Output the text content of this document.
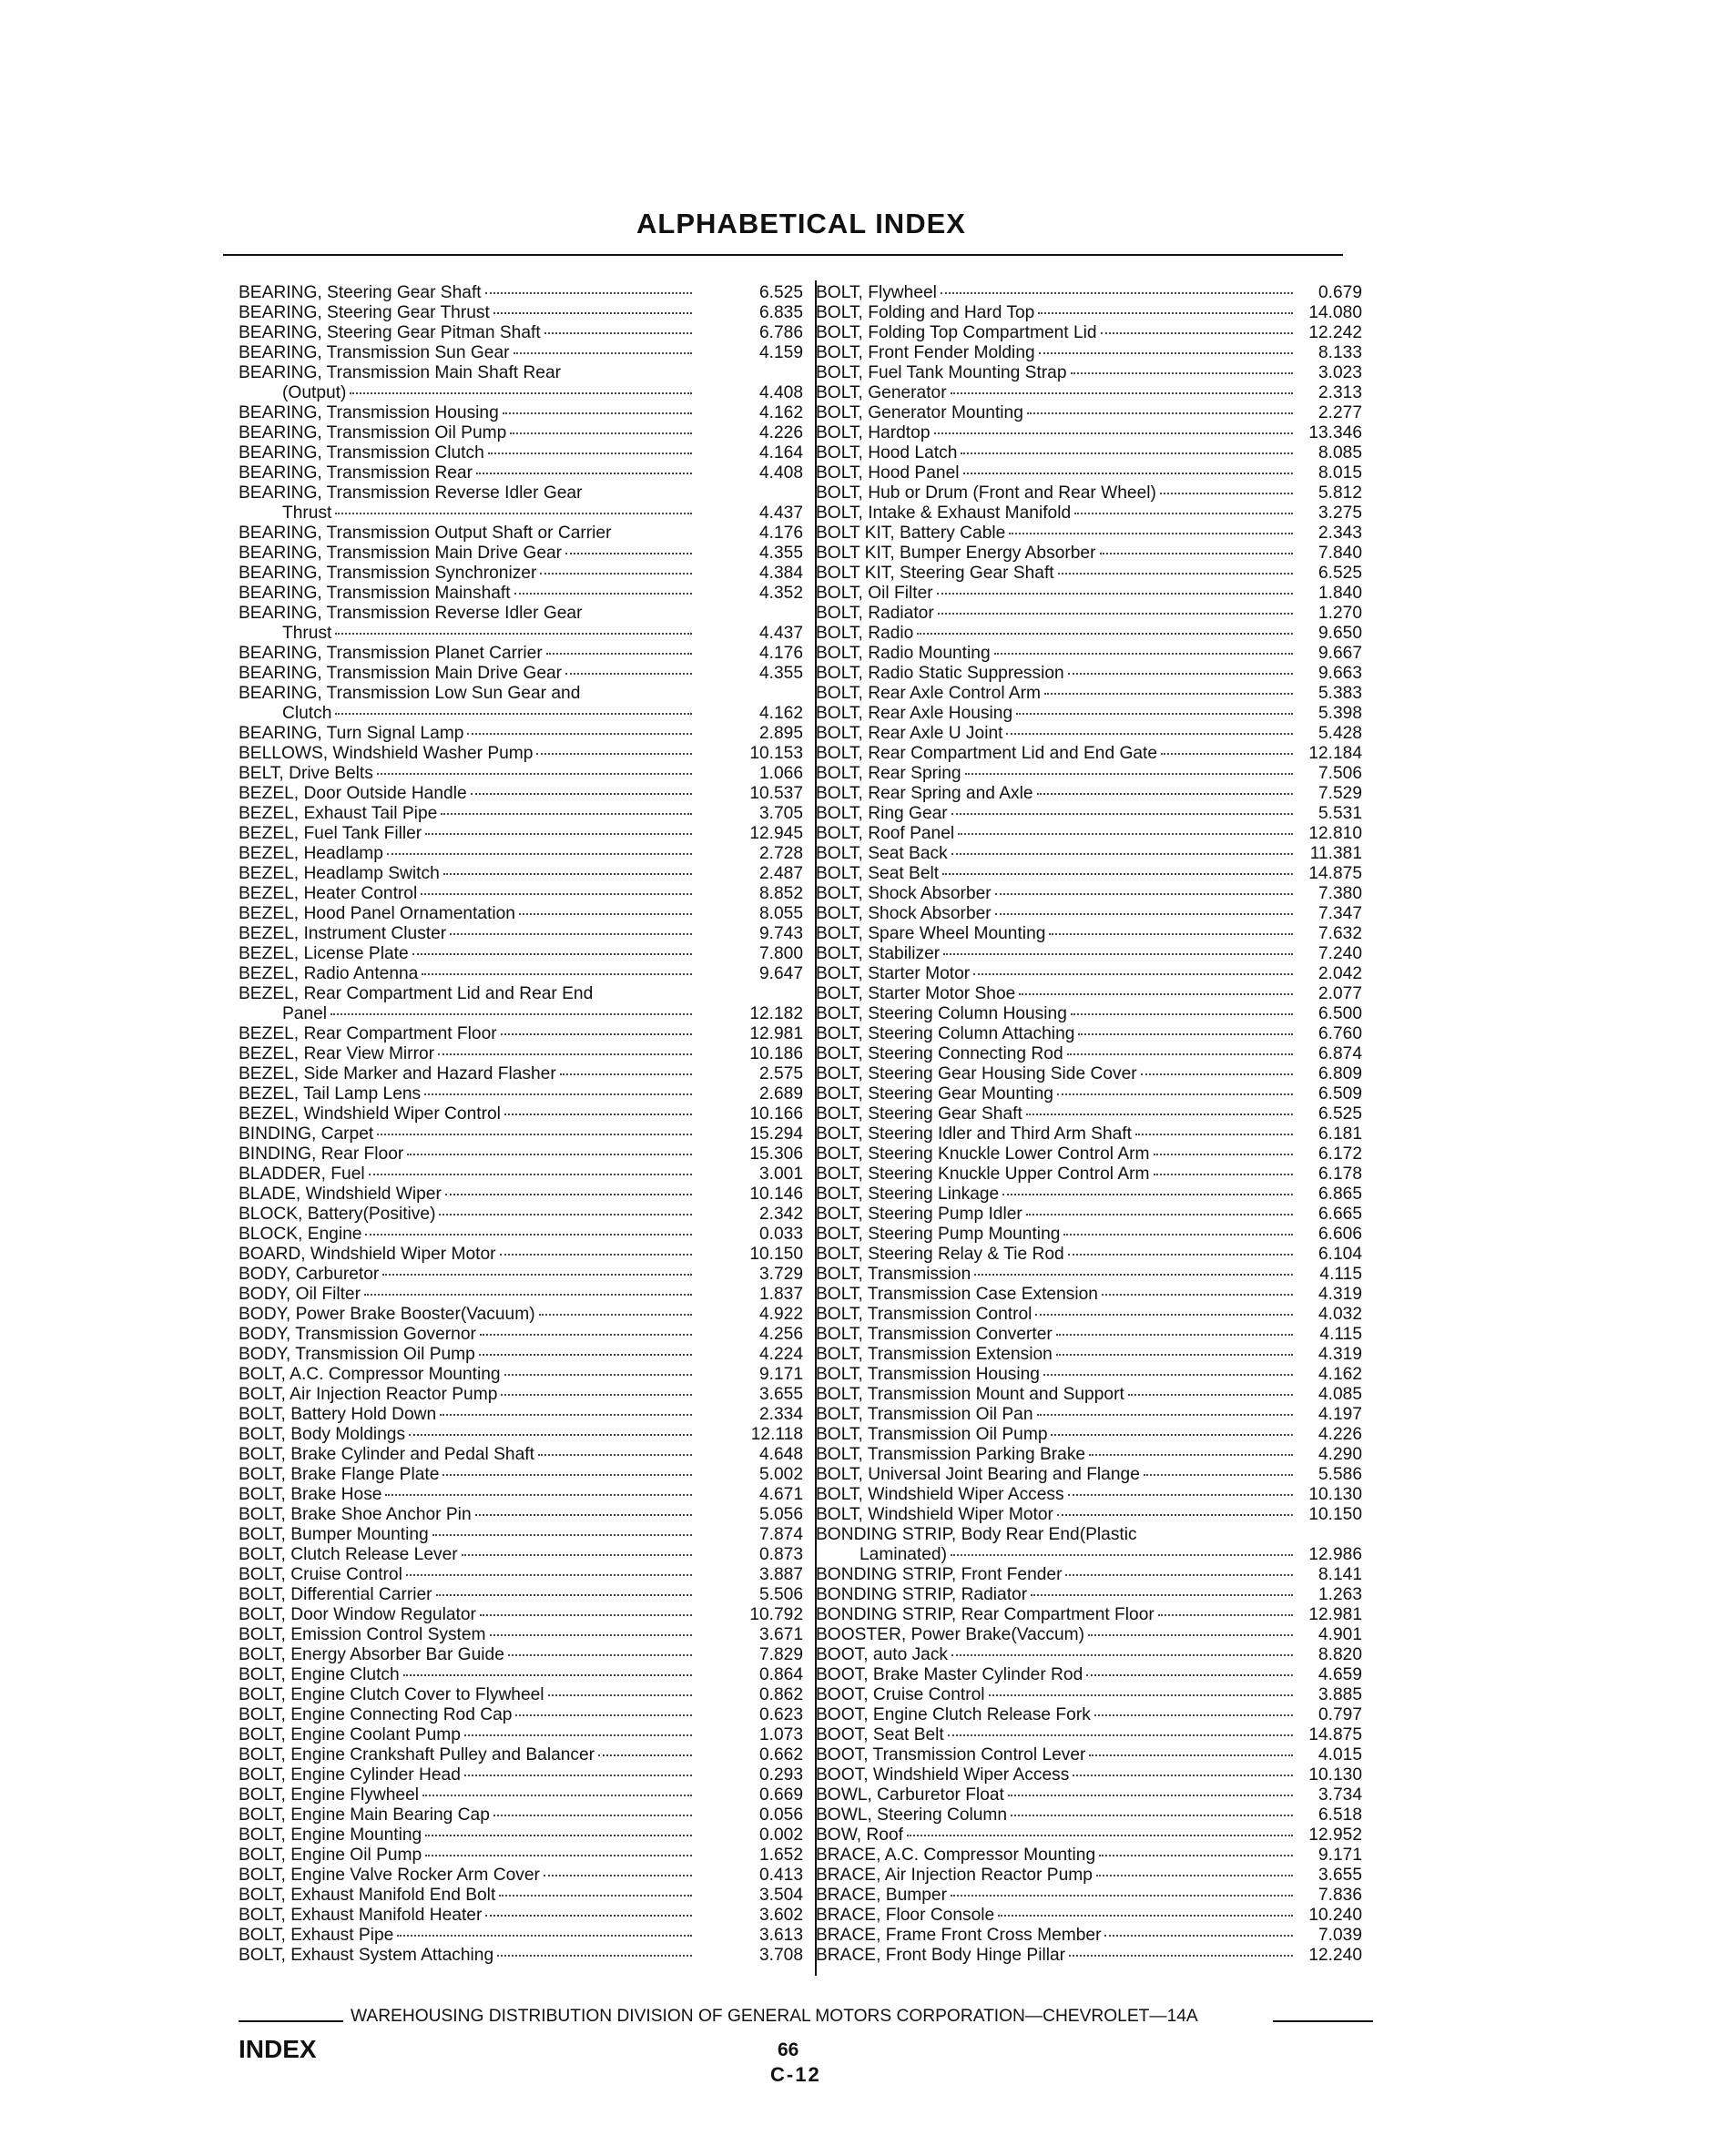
ALPHABETICAL INDEX
BEARING, Steering Gear Shaft	6.525
BEARING, Steering Gear Thrust	6.835
BEARING, Steering Gear Pitman Shaft	6.786
BEARING, Transmission Sun Gear	4.159
BEARING, Transmission Main Shaft Rear
(Output)	4.408
BEARING, Transmission Housing	4.162
BEARING, Transmission Oil Pump	4.226
BEARING, Transmission Clutch	4.164
BEARING, Transmission Rear	4.408
BEARING, Transmission Reverse Idler Gear
Thrust	4.437
BEARING, Transmission Output Shaft or Carrier	4.176
BEARING, Transmission Main Drive Gear	4.355
BEARING, Transmission Synchronizer	4.384
BEARING, Transmission Mainshaft	4.352
BEARING, Transmission Reverse Idler Gear
Thrust	4.437
BEARING, Transmission Planet Carrier	4.176
BEARING, Transmission Main Drive Gear	4.355
BEARING, Transmission Low Sun Gear and
Clutch	4.162
BEARING, Turn Signal Lamp	2.895
BELLOWS, Windshield Washer Pump	10.153
BELT, Drive Belts	1.066
BEZEL, Door Outside Handle	10.537
BEZEL, Exhaust Tail Pipe	3.705
BEZEL, Fuel Tank Filler	12.945
BEZEL, Headlamp	2.728
BEZEL, Headlamp Switch	2.487
BEZEL, Heater Control	8.852
BEZEL, Hood Panel Ornamentation	8.055
BEZEL, Instrument Cluster	9.743
BEZEL, License Plate	7.800
BEZEL, Radio Antenna	9.647
BEZEL, Rear Compartment Lid and Rear End
Panel	12.182
BEZEL, Rear Compartment Floor	12.981
BEZEL, Rear View Mirror	10.186
BEZEL, Side Marker and Hazard Flasher	2.575
BEZEL, Tail Lamp Lens	2.689
BEZEL, Windshield Wiper Control	10.166
BINDING, Carpet	15.294
BINDING, Rear Floor	15.306
BLADDER, Fuel	3.001
BLADE, Windshield Wiper	10.146
BLOCK, Battery(Positive)	2.342
BLOCK, Engine	0.033
BOARD, Windshield Wiper Motor	10.150
BODY, Carburetor	3.729
BODY, Oil Filter	1.837
BODY, Power Brake Booster(Vacuum)	4.922
BODY, Transmission Governor	4.256
BODY, Transmission Oil Pump	4.224
BOLT, A.C. Compressor Mounting	9.171
BOLT, Air Injection Reactor Pump	3.655
BOLT, Battery Hold Down	2.334
BOLT, Body Moldings	12.118
BOLT, Brake Cylinder and Pedal Shaft	4.648
BOLT, Brake Flange Plate	5.002
BOLT, Brake Hose	4.671
BOLT, Brake Shoe Anchor Pin	5.056
BOLT, Bumper Mounting	7.874
BOLT, Clutch Release Lever	0.873
BOLT, Cruise Control	3.887
BOLT, Differential Carrier	5.506
BOLT, Door Window Regulator	10.792
BOLT, Emission Control System	3.671
BOLT, Energy Absorber Bar Guide	7.829
BOLT, Engine Clutch	0.864
BOLT, Engine Clutch Cover to Flywheel	0.862
BOLT, Engine Connecting Rod Cap	0.623
BOLT, Engine Coolant Pump	1.073
BOLT, Engine Crankshaft Pulley and Balancer	0.662
BOLT, Engine Cylinder Head	0.293
BOLT, Engine Flywheel	0.669
BOLT, Engine Main Bearing Cap	0.056
BOLT, Engine Mounting	0.002
BOLT, Engine Oil Pump	1.652
BOLT, Engine Valve Rocker Arm Cover	0.413
BOLT, Exhaust Manifold End Bolt	3.504
BOLT, Exhaust Manifold Heater	3.602
BOLT, Exhaust Pipe	3.613
BOLT, Exhaust System Attaching	3.708
BOLT, Flywheel	0.679
BOLT, Folding and Hard Top	14.080
BOLT, Folding Top Compartment Lid	12.242
BOLT, Front Fender Molding	8.133
BOLT, Fuel Tank Mounting Strap	3.023
BOLT, Generator	2.313
BOLT, Generator Mounting	2.277
BOLT, Hardtop	13.346
BOLT, Hood Latch	8.085
BOLT, Hood Panel	8.015
BOLT, Hub or Drum (Front and Rear Wheel)	5.812
BOLT, Intake & Exhaust Manifold	3.275
BOLT KIT, Battery Cable	2.343
BOLT KIT, Bumper Energy Absorber	7.840
BOLT KIT, Steering Gear Shaft	6.525
BOLT, Oil Filter	1.840
BOLT, Radiator	1.270
BOLT, Radio	9.650
BOLT, Radio Mounting	9.667
BOLT, Radio Static Suppression	9.663
BOLT, Rear Axle Control Arm	5.383
BOLT, Rear Axle Housing	5.398
BOLT, Rear Axle U Joint	5.428
BOLT, Rear Compartment Lid and End Gate	12.184
BOLT, Rear Spring	7.506
BOLT, Rear Spring and Axle	7.529
BOLT, Ring Gear	5.531
BOLT, Roof Panel	12.810
BOLT, Seat Back	11.381
BOLT, Seat Belt	14.875
BOLT, Shock Absorber	7.380
BOLT, Shock Absorber	7.347
BOLT, Spare Wheel Mounting	7.632
BOLT, Stabilizer	7.240
BOLT, Starter Motor	2.042
BOLT, Starter Motor Shoe	2.077
BOLT, Steering Column Housing	6.500
BOLT, Steering Column Attaching	6.760
BOLT, Steering Connecting Rod	6.874
BOLT, Steering Gear Housing Side Cover	6.809
BOLT, Steering Gear Mounting	6.509
BOLT, Steering Gear Shaft	6.525
BOLT, Steering Idler and Third Arm Shaft	6.181
BOLT, Steering Knuckle Lower Control Arm	6.172
BOLT, Steering Knuckle Upper Control Arm	6.178
BOLT, Steering Linkage	6.865
BOLT, Steering Pump Idler	6.665
BOLT, Steering Pump Mounting	6.606
BOLT, Steering Relay & Tie Rod	6.104
BOLT, Transmission	4.115
BOLT, Transmission Case Extension	4.319
BOLT, Transmission Control	4.032
BOLT, Transmission Converter	4.115
BOLT, Transmission Extension	4.319
BOLT, Transmission Housing	4.162
BOLT, Transmission Mount and Support	4.085
BOLT, Transmission Oil Pan	4.197
BOLT, Transmission Oil Pump	4.226
BOLT, Transmission Parking Brake	4.290
BOLT, Universal Joint Bearing and Flange	5.586
BOLT, Windshield Wiper Access	10.130
BOLT, Windshield Wiper Motor	10.150
BONDING STRIP, Body Rear End(Plastic
Laminated)	12.986
BONDING STRIP, Front Fender	8.141
BONDING STRIP, Radiator	1.263
BONDING STRIP, Rear Compartment Floor	12.981
BOOSTER, Power Brake(Vaccum)	4.901
BOOT, auto Jack	8.820
BOOT, Brake Master Cylinder Rod	4.659
BOOT, Cruise Control	3.885
BOOT, Engine Clutch Release Fork	0.797
BOOT, Seat Belt	14.875
BOOT, Transmission Control Lever	4.015
BOOT, Windshield Wiper Access	10.130
BOWL, Carburetor Float	3.734
BOWL, Steering Column	6.518
BOW, Roof	12.952
BRACE, A.C. Compressor Mounting	9.171
BRACE, Air Injection Reactor Pump	3.655
BRACE, Bumper	7.836
BRACE, Floor Console	10.240
BRACE, Frame Front Cross Member	7.039
BRACE, Front Body Hinge Pillar	12.240
WAREHOUSING DISTRIBUTION DIVISION OF GENERAL MOTORS CORPORATION—CHEVROLET—14A
INDEX	66
C-12
